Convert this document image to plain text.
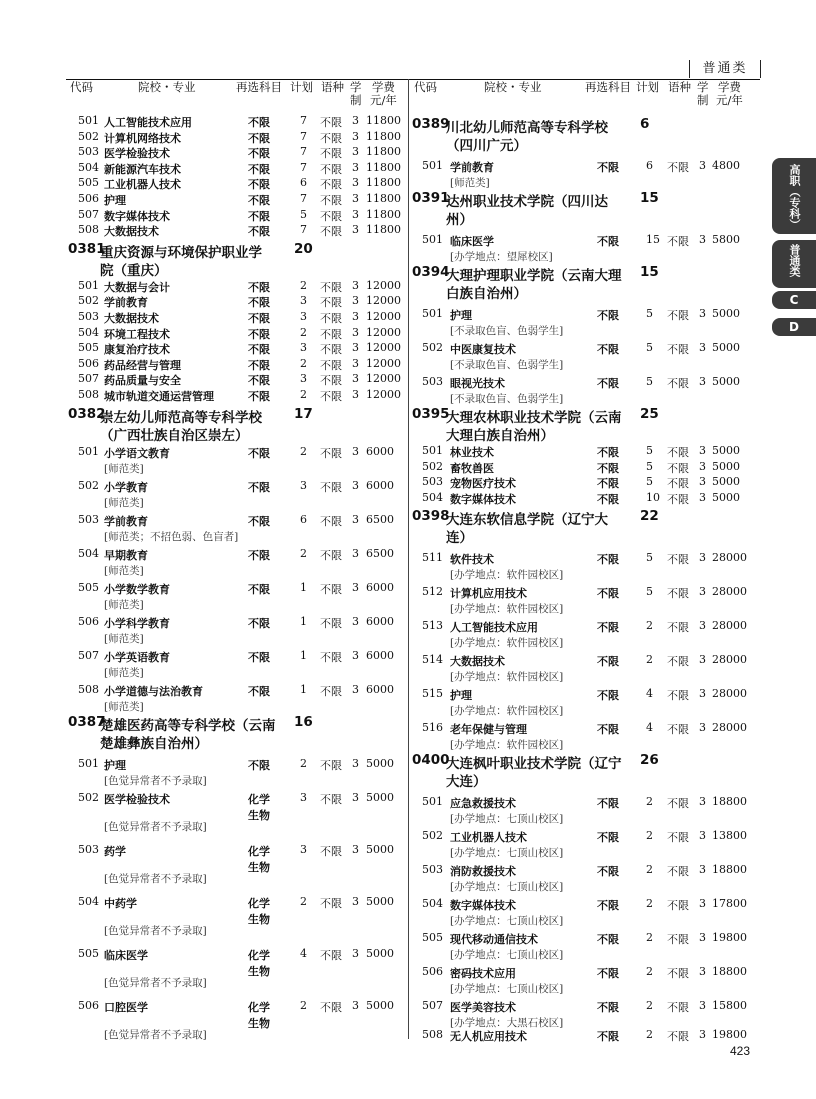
普通类
代码	院校・专业	再选科目 计划 语种 学
制
学费
元/年
501 人工智能技术应用	不限	7 不限 3 11800
502 计算机网络技术	不限	7 不限 3 11800
503 医学检验技术	不限	7 不限 3 11800
504 新能源汽车技术	不限	7 不限 3 11800
505 工业机器人技术	不限	6 不限 3 11800
506 护理	不限	7 不限 3 11800
507 数字媒体技术	不限	5 不限 3 11800
508 大数据技术	不限	7 不限 3 11800
0381
重庆资源与环境保护职业学
院（重庆）
20
501 大数据与会计	不限	2 不限 3 12000
502 学前教育	不限	3 不限 3 12000
503 大数据技术	不限	3 不限 3 12000
504 环境工程技术	不限	2 不限 3 12000
505 康复治疗技术	不限	3 不限 3 12000
506 药品经营与管理	不限	2 不限 3 12000
507 药品质量与安全	不限	3 不限 3 12000
508 城市轨道交通运营管理	不限	2 不限 3 12000
0382
崇左幼儿师范高等专科学校
（广西壮族自治区崇左）
17
501 小学语文教育	不限	2 不限 3 6000
[师范类]
502 小学教育	不限	3 不限 3 6000
[师范类]
503 学前教育	不限	6 不限 3 6500
[师范类；不招色弱、色盲者]
504 早期教育	不限	2 不限 3 6500
[师范类]
505 小学数学教育	不限	1 不限 3 6000
[师范类]
506 小学科学教育	不限	1 不限 3 6000
[师范类]
507 小学英语教育	不限	1 不限 3 6000
[师范类]
508 小学道德与法治教育	不限	1 不限 3 6000
[师范类]
0387
楚雄医药高等专科学校（云南
楚雄彝族自治州）
16
501 护理	不限	2 不限 3 5000
[色觉异常者不予录取]
502 医学检验技术	化学
生物
3 不限 3 5000
[色觉异常者不予录取]
503 药学	化学
生物
3 不限 3 5000
[色觉异常者不予录取]
504 中药学	化学
生物
2 不限 3 5000
[色觉异常者不予录取]
505 临床医学	化学
生物
4 不限 3 5000
[色觉异常者不予录取]
506 口腔医学	化学
生物
2 不限 3 5000
[色觉异常者不予录取]
代码	院校・专业	再选科目 计划 语种 学
制
学费
元/年
0389
川北幼儿师范高等专科学校
（四川广元）
6
501 学前教育	不限 6 不限 3 4800
[师范类]
0391
达州职业技术学院（四川达
州）
15
501 临床医学	不限 15 不限 3 5800
[办学地点：望犀校区]
0394
大理护理职业学院（云南大理
白族自治州）
15
501 护理	不限 5 不限 3 5000
[不录取色盲、色弱学生]
502 中医康复技术	不限 5 不限 3 5000
[不录取色盲、色弱学生]
503 眼视光技术	不限 5 不限 3 5000
[不录取色盲、色弱学生]
0395
大理农林职业技术学院（云南
大理白族自治州）
25
501 林业技术	不限 5 不限 3 5000
502 畜牧兽医	不限 5 不限 3 5000
503 宠物医疗技术	不限 5 不限 3 5000
504 数字媒体技术	不限 10 不限 3 5000
0398
大连东软信息学院（辽宁大
连）
22
511 软件技术	不限 5 不限 3 28000
[办学地点：软件园校区]
512 计算机应用技术	不限 5 不限 3 28000
[办学地点：软件园校区]
513 人工智能技术应用	不限 2 不限 3 28000
[办学地点：软件园校区]
514 大数据技术	不限 2 不限 3 28000
[办学地点：软件园校区]
515 护理	不限 4 不限 3 28000
[办学地点：软件园校区]
516 老年保健与管理	不限 4 不限 3 28000
[办学地点：软件园校区]
0400
大连枫叶职业技术学院（辽宁
大连）
26
501 应急救援技术	不限 2 不限 3 18800
[办学地点：七顶山校区]
502 工业机器人技术	不限 2 不限 3 13800
[办学地点：七顶山校区]
503 消防救援技术	不限 2 不限 3 18800
[办学地点：七顶山校区]
504 数字媒体技术	不限 2 不限 3 17800
[办学地点：七顶山校区]
505 现代移动通信技术	不限 2 不限 3 19800
[办学地点：七顶山校区]
506 密码技术应用	不限 2 不限 3 18800
[办学地点：七顶山校区]
507 医学美容技术	不限 2 不限 3 15800
[办学地点：大黑石校区]
508 无人机应用技术	不限 2 不限 3 19800
高职（专科）
普通类
C
D
423
